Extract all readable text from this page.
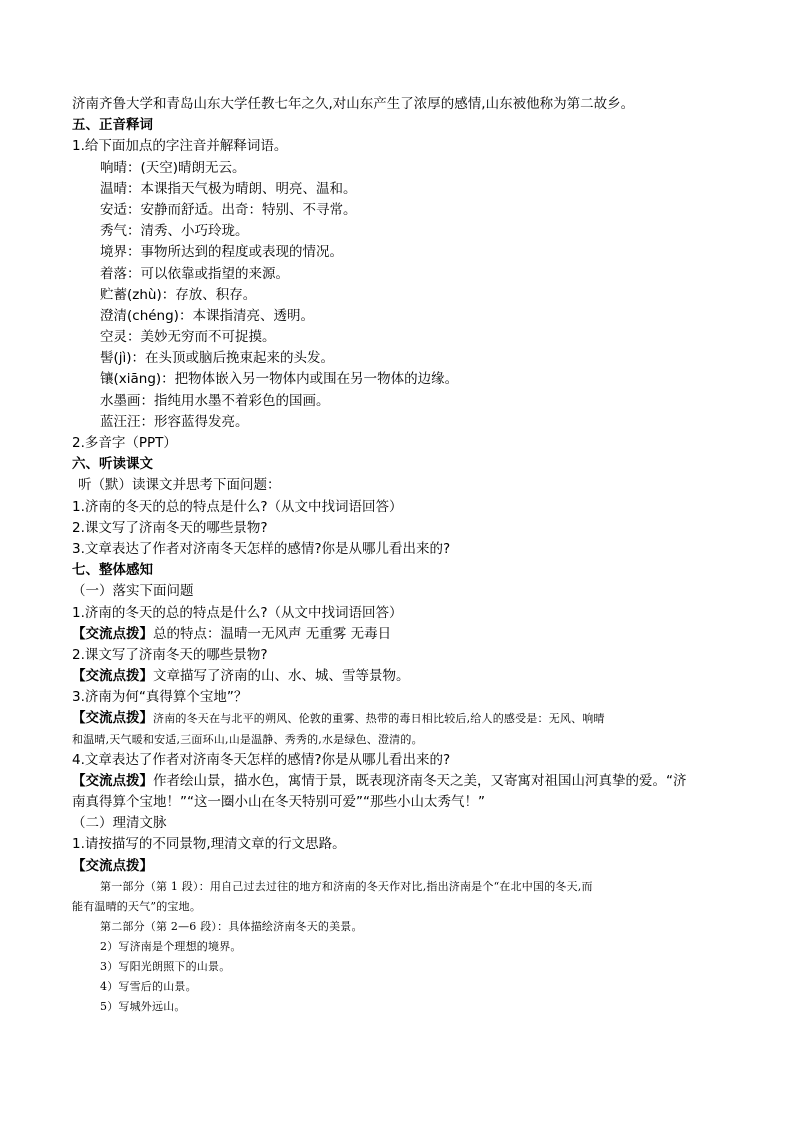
济南齐鲁大学和青岛山东大学任教七年之久,对山东产生了浓厚的感情,山东被他称为第二故乡。
五、正音释词
1.给下面加点的字注音并解释词语。
响晴：(天空)晴朗无云。
温晴：本课指天气极为晴朗、明亮、温和。
安适：安静而舒适。出奇：特别、不寻常。
秀气：清秀、小巧玲珑。
境界：事物所达到的程度或表现的情况。
着落：可以依靠或指望的来源。
贮蓄(zhù)：存放、积存。
澄清(chéng)：本课指清亮、透明。
空灵：美妙无穷而不可捉摸。
髻(jì)：在头顶或脑后挽束起来的头发。
镶(xiāng)：把物体嵌入另一物体内或围在另一物体的边缘。
水墨画：指纯用水墨不着彩色的国画。
蓝汪汪：形容蓝得发亮。
2.多音字（PPT）
六、听读课文
听（默）读课文并思考下面问题：
1.济南的冬天的总的特点是什么?（从文中找词语回答）
2.课文写了济南冬天的哪些景物?
3.文章表达了作者对济南冬天怎样的感情?你是从哪儿看出来的?
七、整体感知
（一）落实下面问题
1.济南的冬天的总的特点是什么?（从文中找词语回答）
【交流点拨】总的特点：温晴一无风声 无重雾 无毒日
2.课文写了济南冬天的哪些景物?
【交流点拨】文章描写了济南的山、水、城、雪等景物。
3.济南为何“真得算个宝地”？
【交流点拨】济南的冬天在与北平的朔风、伦敦的重雾、热带的毒日相比较后,给人的感受是：无风、响晴
和温晴,天气暖和安适,三面环山,山是温静、秀秀的,水是绿色、澄清的。
4.文章表达了作者对济南冬天怎样的感情?你是从哪儿看出来的?
【交流点拨】作者绘山景，描水色，寓情于景，既表现济南冬天之美，又寄寓对祖国山河真挚的爱。“济
南真得算个宝地！”“这一圈小山在冬天特别可爱”“那些小山太秀气！”
（二）理清文脉
1.请按描写的不同景物,理清文章的行文思路。
【交流点拨】
第一部分（第 1 段）：用自己过去过往的地方和济南的冬天作对比,指出济南是个“在北中国的冬天,而
能有温晴的天气”的宝地。
第二部分（第 2—6 段）：具体描绘济南冬天的美景。
2）写济南是个理想的境界。
3）写阳光朗照下的山景。
4）写雪后的山景。
5）写城外远山。
